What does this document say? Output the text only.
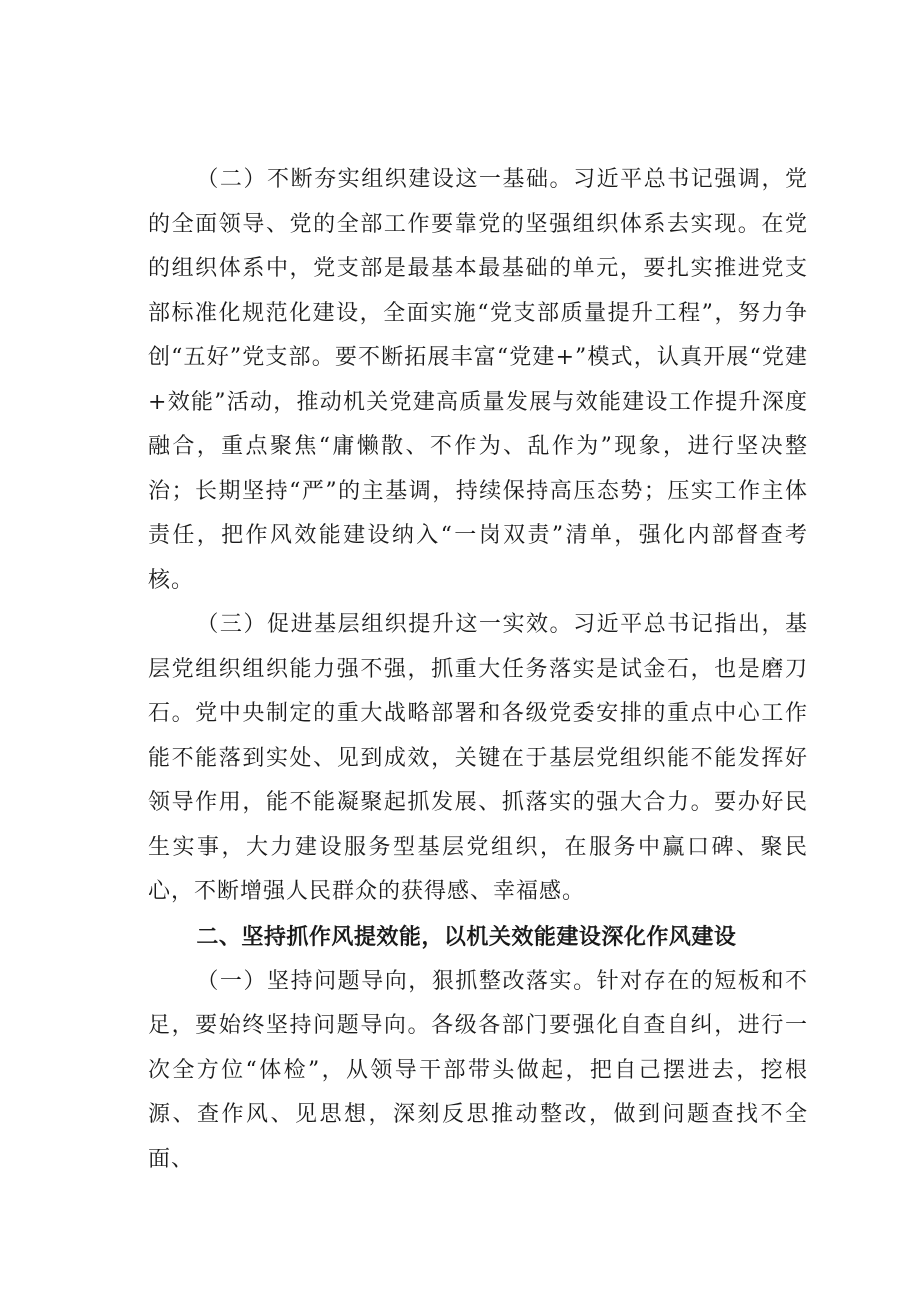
（二）不断夯实组织建设这一基础。习近平总书记强调，党的全面领导、党的全部工作要靠党的坚强组织体系去实现。在党的组织体系中，党支部是最基本最基础的单元，要扎实推进党支部标准化规范化建设，全面实施“党支部质量提升工程”，努力争创“五好”党支部。要不断拓展丰富“党建+”模式，认真开展“党建+效能”活动，推动机关党建高质量发展与效能建设工作提升深度融合，重点聚焦“庸懒散、不作为、乱作为”现象，进行坚决整治；长期坚持“严”的主基调，持续保持高压态势；压实工作主体责任，把作风效能建设纳入“一岗双责”清单，强化内部督查考核。

（三）促进基层组织提升这一实效。习近平总书记指出，基层党组织组织能力强不强，抓重大任务落实是试金石，也是磨刀石。党中央制定的重大战略部署和各级党委安排的重点中心工作能不能落到实处、见到成效，关键在于基层党组织能不能发挥好领导作用，能不能凝聚起抓发展、抓落实的强大合力。要办好民生实事，大力建设服务型基层党组织，在服务中赢口碑、聚民心，不断增强人民群众的获得感、幸福感。

二、坚持抓作风提效能，以机关效能建设深化作风建设

（一）坚持问题导向，狠抓整改落实。针对存在的短板和不足，要始终坚持问题导向。各级各部门要强化自查自纠，进行一次全方位“体检”，从领导干部带头做起，把自己摆进去，挖根源、查作风、见思想，深刻反思推动整改，做到问题查找不全面、
